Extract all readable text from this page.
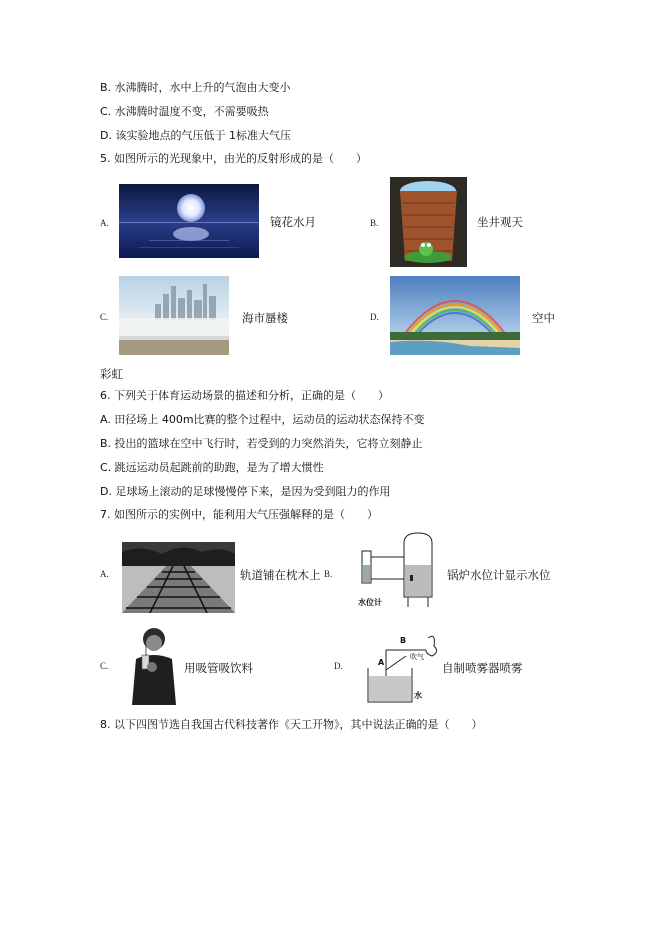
B. 水沸腾时，水中上升的气泡由大变小
C. 水沸腾时温度不变，不需要吸热
D. 该实验地点的气压低于 1标准大气压
5. 如图所示的光现象中，由光的反射形成的是（　　）
A.	镜花水月	B.	坐井观天
C.	海市蜃楼	D.	空中
彩虹
6. 下列关于体育运动场景的描述和分析，正确的是（　　）
A. 田径场上 400m比赛的整个过程中，运动员的运动状态保持不变
B. 投出的篮球在空中飞行时，若受到的力突然消失，它将立刻静止
C. 跳远运动员起跳前的助跑，是为了增大惯性
D. 足球场上滚动的足球慢慢停下来，是因为受到阻力的作用
7. 如图所示的实例中，能利用大气压强解释的是（　　）
A.	轨道铺在枕木上 B.
水位计
锅炉水位计显示水位
C.	用吸管吸饮料	D.
B
A
吹气
水
自制喷雾器喷雾
8. 以下四图节选自我国古代科技著作《天工开物》，其中说法正确的是（　　）
